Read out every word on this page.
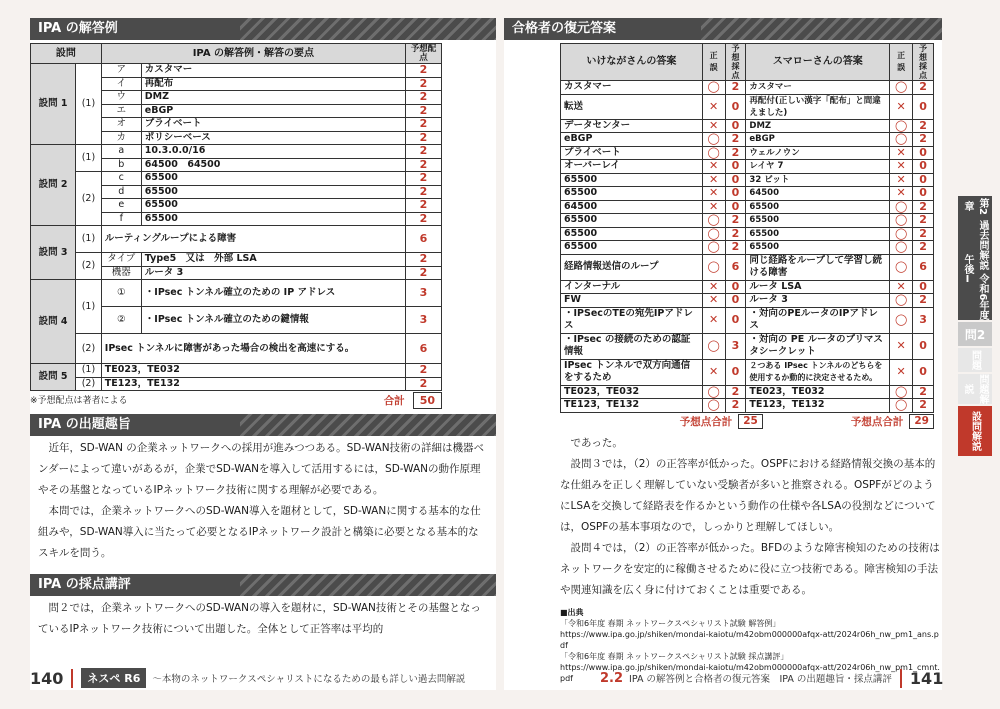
IPA の解答例
設問		IPA の解答例・解答の要点		予想配点
設問 1	(1)	ア	カスタマー	2
		イ	再配布	2
		ウ	DMZ	2
		エ	eBGP	2
		オ	プライベート	2
		カ	ポリシーベース	2
設問 2	(1)	a	10.3.0.0/16	2
		b	64500　64500	2
	(2)	c	65500	2
		d	65500	2
		e	65500	2
		f	65500	2
設問 3	(1)	ルーティングループによる障害		6
	(2)	タイプ	Type5　又は　外部 LSA	2
		機器	ルータ 3	2
設問 4	(1)	①	・IPsec トンネル確立のための IP アドレス	3
		②	・IPsec トンネル確立のための鍵情報	3
	(2)	IPsec トンネルに障害があった場合の検出を高速にする。		6
設問 5	(1)	TE023，TE032		2
	(2)	TE123，TE132		2
※予想配点は著者による	合計 50
IPA の出題趣旨

近年，SD-WAN の企業ネットワークへの採用が進みつつある。SD-WAN技術の詳細は機器ベンダーによって違いがあるが，企業でSD-WANを導入して活用するには，SD-WANの動作原理やその基盤となっているIPネットワーク技術に関する理解が必要である。

本問では，企業ネットワークへのSD-WAN導入を題材として，SD-WANに関する基本的な仕組みや，SD-WAN導入に当たって必要となるIPネットワーク設計と構築に必要となる基本的なスキルを問う。

IPA の採点講評

問２では，企業ネットワークへのSD-WANの導入を題材に，SD-WAN技術とその基盤となっているIPネットワーク技術について出題した。全体として正答率は平均的

140	ネスペ R6	〜本物のネットワークスペシャリストになるための最も詳しい過去問解説
合格者の復元答案
いけながさんの答案	正誤	予想採点	スマローさんの答案	正誤	予想採点
カスタマー	◯	2	カスタマー	◯	2
転送	✕	0	再配付(正しい漢字「配布」と間違えました)	✕	0
データセンター	✕	0	DMZ	◯	2
eBGP	◯	2	eBGP	◯	2
プライベート	◯	2	ウェルノウン	✕	0
オーバーレイ	✕	0	レイヤ 7	✕	0
65500	✕	0	32 ビット	✕	0
65500	✕	0	64500	✕	0
64500	✕	0	65500	◯	2
65500	◯	2	65500	◯	2
65500	◯	2	65500	◯	2
65500	◯	2	65500	◯	2
経路情報送信のループ	◯	6	同じ経路をループして学習し続ける障害	◯	6
インターナル	✕	0	ルータ LSA	✕	0
FW	✕	0	ルータ 3	◯	2
・IPSecのTEの宛先IPアドレス	✕	0	・対向のPEルータのIPアドレス	◯	3
・IPsec の接続のための認証情報	◯	3	・対向の PE ルータのプリマスタシークレット	✕	0
IPsec トンネルで双方向通信をするため	✕	0	２つある IPsec トンネルのどちらを使用するか動的に決定させるため。	✕	0
TE023，TE032	◯	2	TE023，TE032	◯	2
TE123，TE132	◯	2	TE123，TE132	◯	2
予想点合計	25	予想点合計	29

であった。

設問３では，（2）の正答率が低かった。OSPFにおける経路情報交換の基本的な仕組みを正しく理解していない受験者が多いと推察される。OSPFがどのようにLSAを交換して経路表を作るかという動作の仕様や各LSAの役割などについては，OSPFの基本事項なので，しっかりと理解してほしい。

設問４では，（2）の正答率が低かった。BFDのような障害検知のための技術はネットワークを安定的に稼働させるために役に立つ技術である。障害検知の手法や関連知識を広く身に付けておくことは重要である。

■出典
「令和6年度 春期 ネットワークスペシャリスト試験 解答例」
https://www.ipa.go.jp/shiken/mondai-kaiotu/m42obm000000afqx-att/2024r06h_nw_pm1_ans.pdf
「令和6年度 春期 ネットワークスペシャリスト試験 採点講評」
https://www.ipa.go.jp/shiken/mondai-kaiotu/m42obm000000afqx-att/2024r06h_nw_pm1_cmnt.pdf	2.2 IPA の解答例と合格者の復元答案　IPA の出題趣旨・採点講評	141
第2章

過去問解説 令和6年度 午後Ⅰ
問2
問題
問題解説
設問解説
